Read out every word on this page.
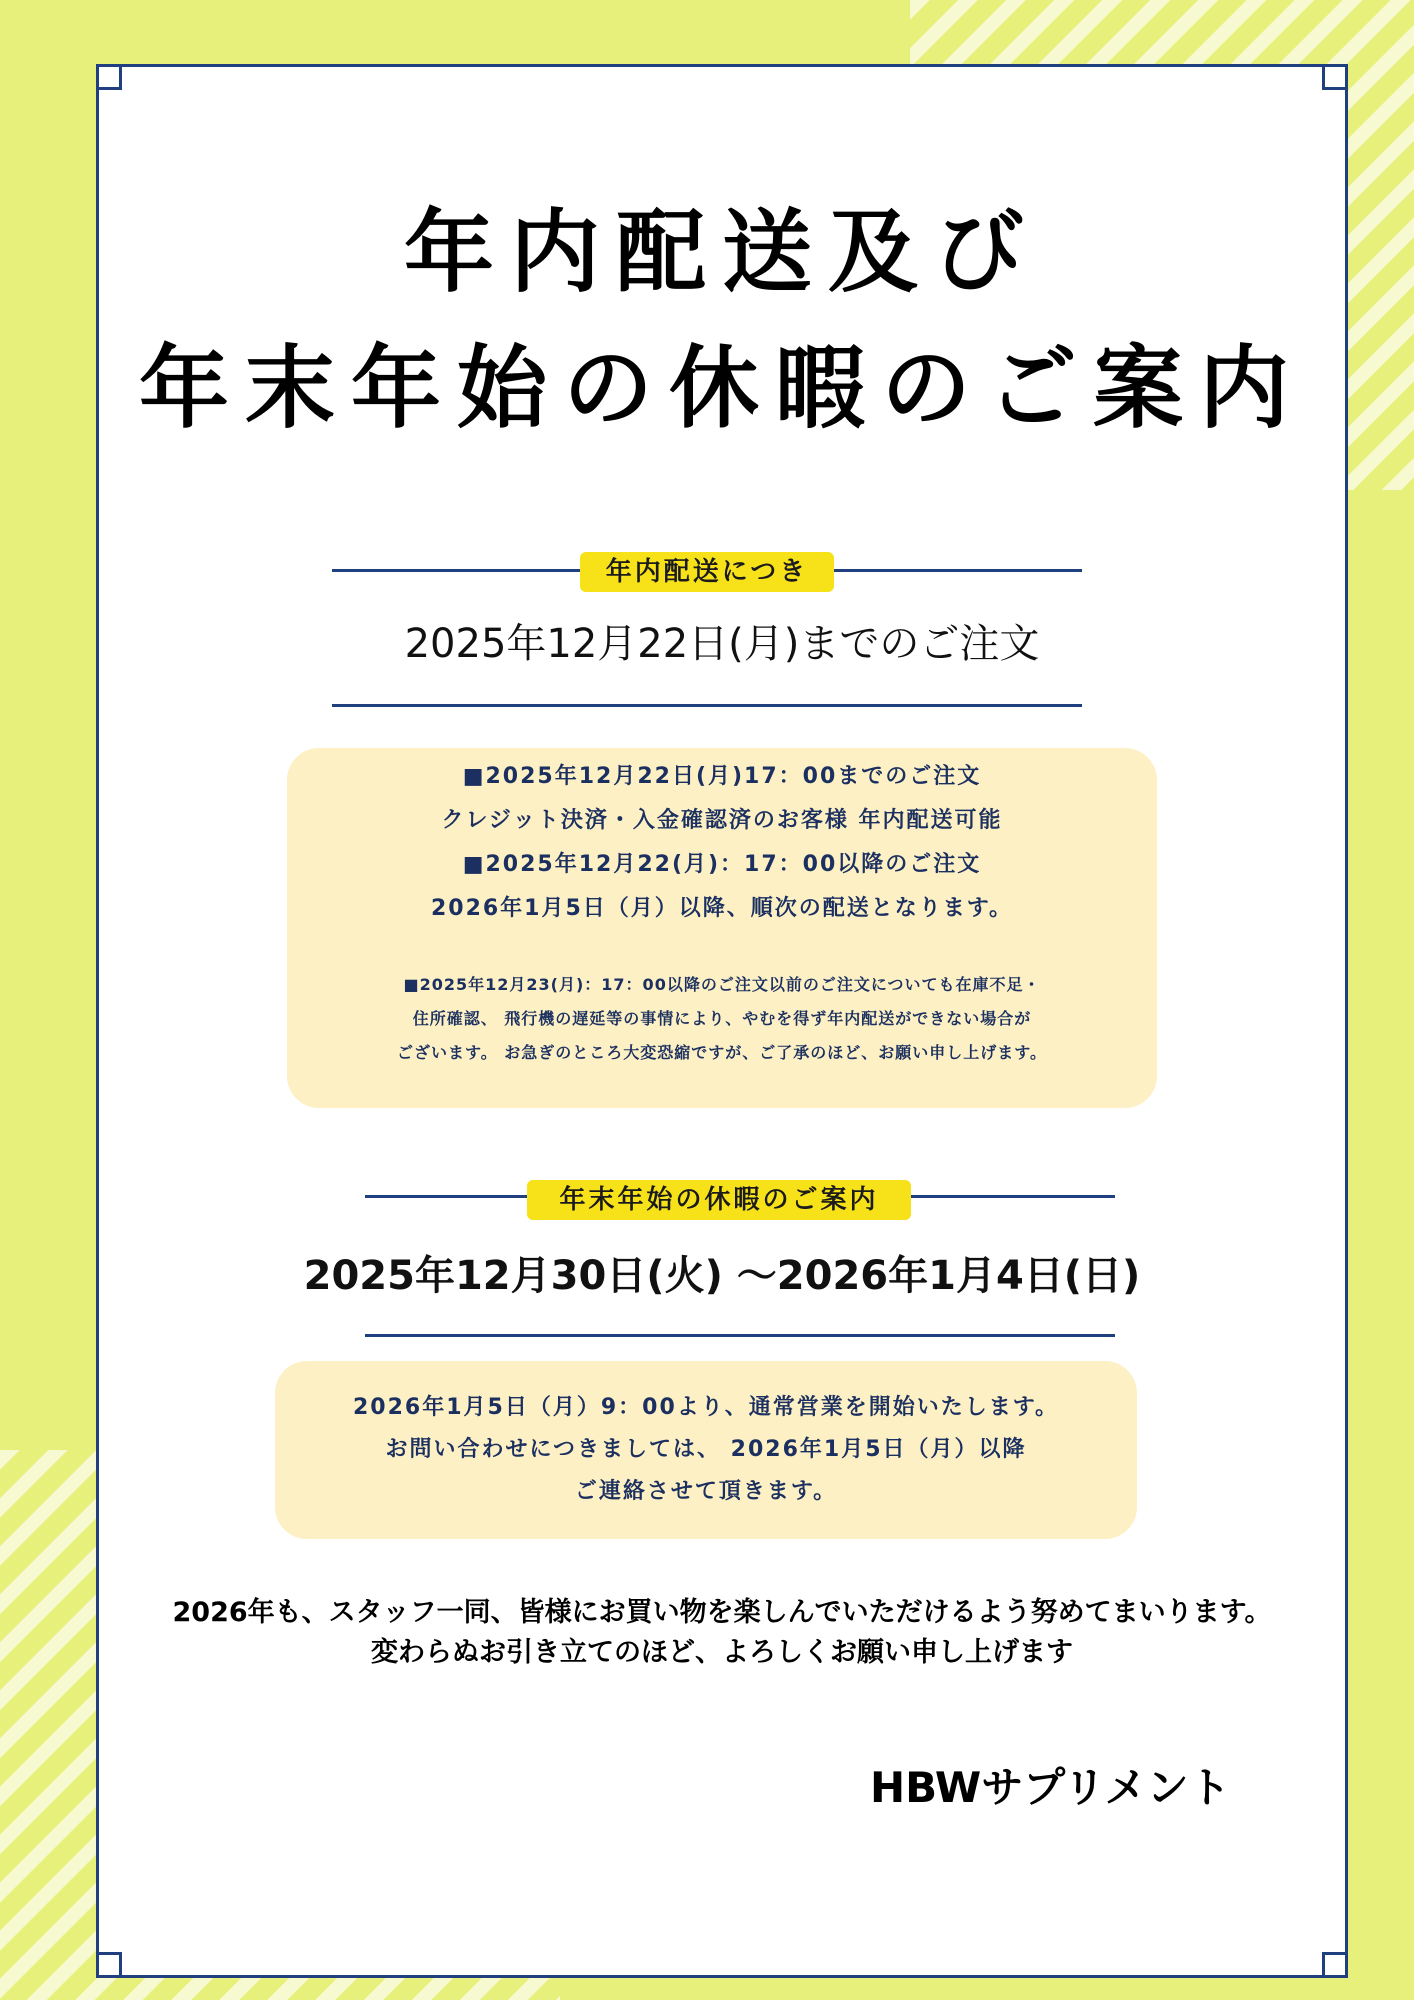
年内配送及び
年末年始の休暇のご案内
年内配送につき
2025年12月22日(月)までのご注文

■2025年12月22日(月)17：00までのご注文

クレジット決済・入金確認済のお客様 年内配送可能

■2025年12月22(月)：17：00以降のご注文

2026年1月5日（月）以降、順次の配送となります。

■2025年12月23(月)：17：00以降のご注文以前のご注文についても在庫不足・

住所確認、 飛行機の遅延等の事情により、やむを得ず年内配送ができない場合が

ございます。 お急ぎのところ大変恐縮ですが、ご了承のほど、お願い申し上げます。

年末年始の休暇のご案内
2025年12月30日(火) 〜2026年1月4日(日)

2026年1月5日（月）9：00より、通常営業を開始いたします。

お問い合わせにつきましては、 2026年1月5日（月）以降

ご連絡させて頂きます。

2026年も、スタッフ一同、皆様にお買い物を楽しんでいただけるよう努めてまいります。

変わらぬお引き立てのほど、よろしくお願い申し上げます

HBWサプリメント
